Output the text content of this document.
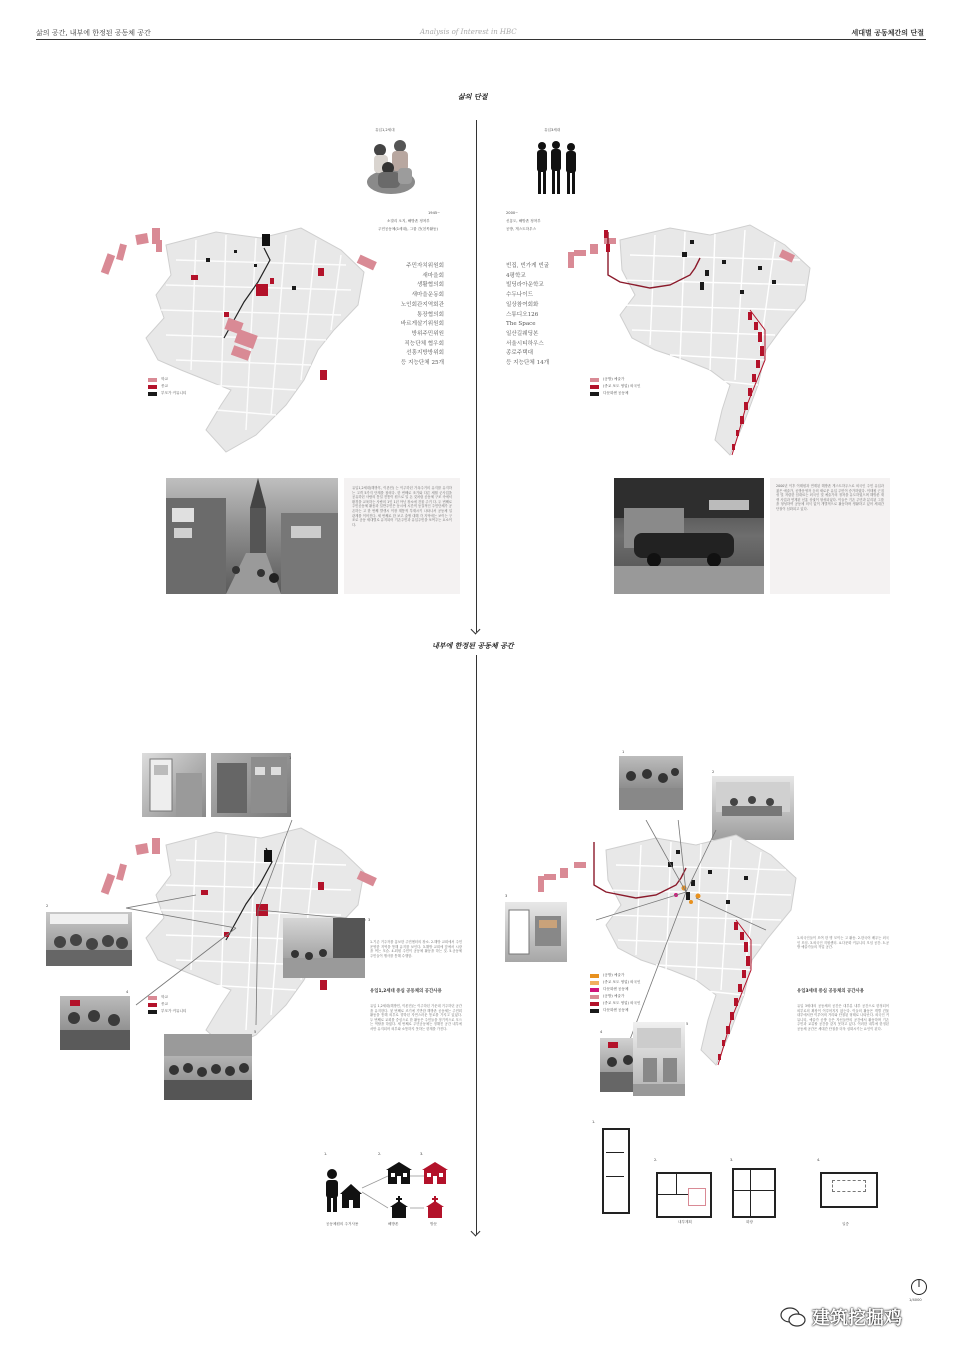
삶의 공간, 내부에 한정된 공동체 공간	Analysis of Interest in HBC	세대별 공동체간의 단절
삶의 단절
내부에 한정된 공동체 공간
유입1,2세대
1945~
소말리 오지, 해방촌 정착부
주민공동체(1세대), 그룹 간(친목활동)
주민자치위원회
새마을회
생활협의회
새마을운동회
노인회관지역회관
통장협의회
바르게살기위원회
방위주민위원
직능단체 협우회
선흥지방방위회
등 지능단체 25개
학교
종교
부모가 커뮤니티
유입1,2세대(해방후, 이촌민) 는 이주하던 가옥주거의 유지를 유지하는 고객 5가지 단계를 참의다. 한 번째로 조기와 다른 세월 군사업을 공유하던 사람의 통일 전통이 원으로 일 돈 것처럼 공동체 구조 속에서 환경을 교육하는 사람의 1인 1년 아닌 장소에 건물 주거 다. 두 번째로 주민공동체 활동과 일반주민은 동시에 시간적 동질적인 주민단체가 공존하는 고 한 번째 발생시 이장 계통적 부재시키 나타나서 공동체 일 관계를 이어진다. 세 번째로 한 보고 출생 대해 각 지역에는 보이는 구조로 공동 세대별로 유지되어 기존주민과 유입주민을 보여주는 요소이다.
유입3세대
2000~
신흥도, 해방촌 정착부
공방, 게스트하우스
빈집, 빈가게 빈굴
4평학교
빌딩라아운학교
수두나이드
일상참여회화
스튜디오126
The Space
일산길웨딩본
서울시티하우스
종로주택대
등 지능단체 14개
(공방) 예술가
(종교 포도 영업) 외국인
다문화센 공동체
2000년 이후 이태원과 연계된 해방촌 게스트하우스로 외국인 주민 유입과 젊은 예술가, 공방운영자 등의 새로운 유입 주민이 증가하였다. 이태원 근접성 및 저렴한 임대료는 외국인 및 예술가의 정착을 유도하였으며 해방촌 재생 사업과 연계된 신흥 상권이 형성되었다. 이들은 기존 주민과 분리된 그룹을 형성하여 공동체 의식 없이 개별적으로 활동하며 생활하고 있어 세대간 단절이 심화되고 있다.
1
2
3
1.기존 거주자를 흥보한 주민센터의 장소. 2.해방 교회에서 주민 운영한 지역을 통해 유지를 보인다. 3.해방 교회에 앞에서 시장을 여는 모습. 4.회원 주민이 공동체 활동을 하는 것. 5.공동체 주민들이 행사를 통해 수행함.
학교
종교
부모가 커뮤니티
4
5
유입1,2세대 중심 공동체의 공간사용
유입 1,2세대(해방민, 이촌민)는 이주하던 가운데 거주하던 공간을 유지한다. 첫 번째로 조기에 기반한 해방촌 공동체는 주민회 활동을 통해 외부로 향하던 자연스러운 통로를 가지고 있었다. 두 번째로 교회를 중심으로 한 활동은 주민들을 정기적으로 모으는 역할을 하였다. 세 번째로 주민공동체는 정해진 공간 내부에서만 유지되어 외부와 소통하지 못하는 한계를 가진다.
공동체원의 주거사용
1.	2.
해방촌
3.
방문
1
2
3
(공방) 예술가
(종교 포도 영업) 외국인
다문화센 공동체
(공방) 예술가
(종교 포도 영업) 외국인
다문화센 공동체
4
5
1.외국인들이 모여 한 명 모이는 고 활동. 2.한국어 배우는 외국인 모임. 3.외국인 지원센터. 4.다문화 커뮤니티 모임 공간. 5.공방 예술가들의 작업 공간.
유입3세대 중심 공동체의 공간사용
유입 3세대의 공동체의 공간은 대부분 내부 공간으로 한정되어 외부로의 확장이 이루어지지 않는다. 이들의 활동은 개별 건물 내부에서만 이루어져 거리와 단절된 형태로 나타난다. 외국인 커뮤니티, 예술가 공방 등은 자신들만의 공간에서 활동하며 기존 주민과 교류할 공간을 갖지 못하고 있다. 이러한 내부에 한정된 공동체 공간은 세대간 단절을 더욱 심화시키는 요인이 된다.
1.
2.
내부계획
3.
화장
4.
일층
1/4000
建筑挖掘鸡
